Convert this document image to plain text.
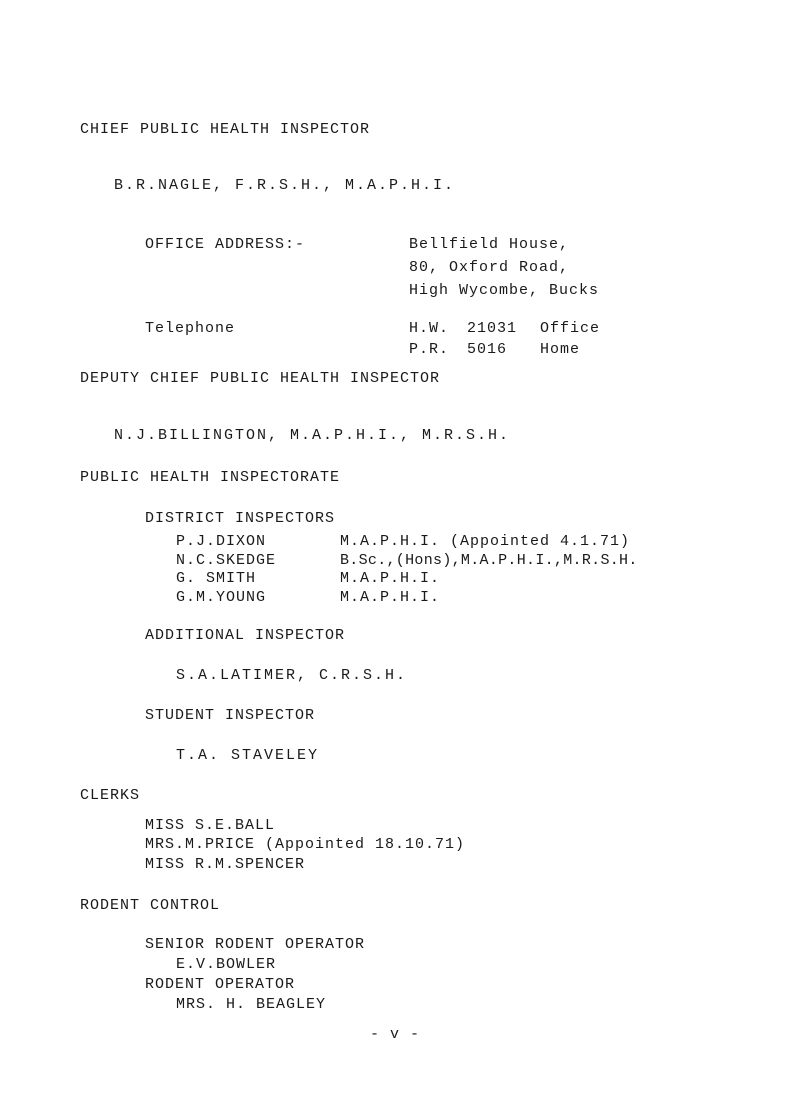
CHIEF PUBLIC HEALTH INSPECTOR
B.R.NAGLE, F.R.S.H., M.A.P.H.I.
OFFICE ADDRESS:-	Bellfield House,
80, Oxford Road,
High Wycombe, Bucks
Telephone	H.W. 21031 Office
P.R. 5016 Home
DEPUTY CHIEF PUBLIC HEALTH INSPECTOR
N.J.BILLINGTON, M.A.P.H.I., M.R.S.H.
PUBLIC HEALTH INSPECTORATE
DISTRICT INSPECTORS
P.J.DIXON	M.A.P.H.I. (Appointed 4.1.71)
N.C.SKEDGE	B.Sc.,(Hons),M.A.P.H.I.,M.R.S.H.
G. SMITH	M.A.P.H.I.
G.M.YOUNG	M.A.P.H.I.
ADDITIONAL INSPECTOR
S.A.LATIMER, C.R.S.H.
STUDENT INSPECTOR
T.A. STAVELEY
CLERKS
MISS S.E.BALL
MRS.M.PRICE (Appointed 18.10.71)
MISS R.M.SPENCER
RODENT CONTROL
SENIOR RODENT OPERATOR
E.V.BOWLER
RODENT OPERATOR
MRS. H. BEAGLEY
- v -
